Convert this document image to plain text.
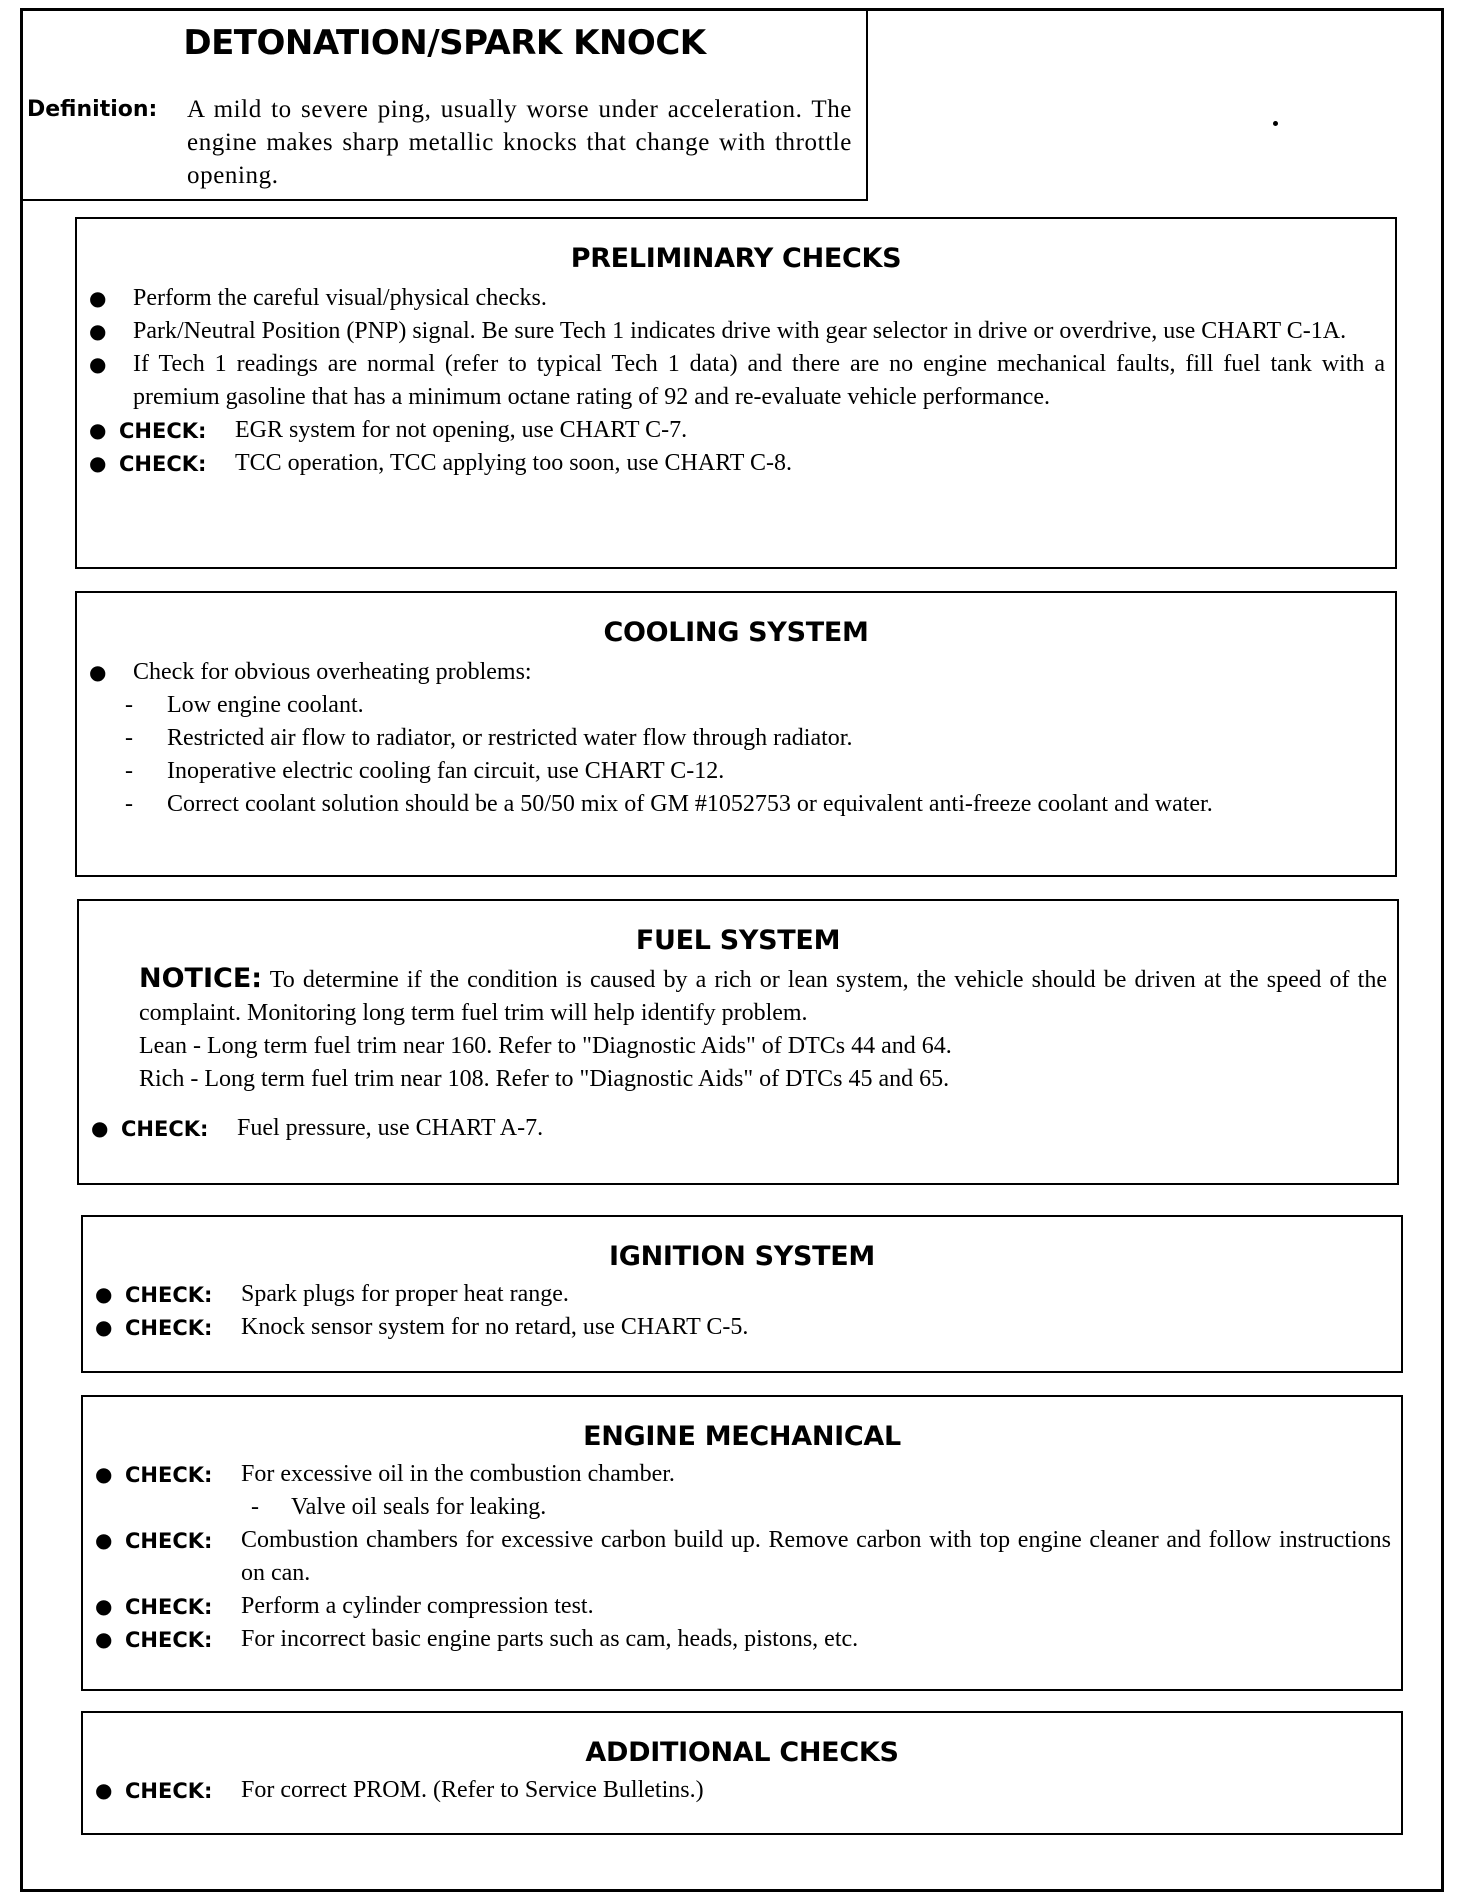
DETONATION/SPARK KNOCK
Definition: A mild to severe ping, usually worse under acceleration. The engine makes sharp metallic knocks that change with throttle opening.
PRELIMINARY CHECKS
● Perform the careful visual/physical checks.
● Park/Neutral Position (PNP) signal. Be sure Tech 1 indicates drive with gear selector in drive or overdrive, use CHART C-1A.
● If Tech 1 readings are normal (refer to typical Tech 1 data) and there are no engine mechanical faults, fill fuel tank with a premium gasoline that has a minimum octane rating of 92 and re-evaluate vehicle performance.
● CHECK: EGR system for not opening, use CHART C-7.
● CHECK: TCC operation, TCC applying too soon, use CHART C-8.
COOLING SYSTEM
● Check for obvious overheating problems:
- Low engine coolant.
- Restricted air flow to radiator, or restricted water flow through radiator.
- Inoperative electric cooling fan circuit, use CHART C-12.
- Correct coolant solution should be a 50/50 mix of GM #1052753 or equivalent anti-freeze coolant and water.
FUEL SYSTEM
NOTICE: To determine if the condition is caused by a rich or lean system, the vehicle should be driven at the speed of the complaint. Monitoring long term fuel trim will help identify problem.
Lean - Long term fuel trim near 160. Refer to "Diagnostic Aids" of DTCs 44 and 64.
Rich - Long term fuel trim near 108. Refer to "Diagnostic Aids" of DTCs 45 and 65.
● CHECK: Fuel pressure, use CHART A-7.
IGNITION SYSTEM
● CHECK: Spark plugs for proper heat range.
● CHECK: Knock sensor system for no retard, use CHART C-5.
ENGINE MECHANICAL
● CHECK: For excessive oil in the combustion chamber.
- Valve oil seals for leaking.
● CHECK: Combustion chambers for excessive carbon build up. Remove carbon with top engine cleaner and follow instructions on can.
● CHECK: Perform a cylinder compression test.
● CHECK: For incorrect basic engine parts such as cam, heads, pistons, etc.
ADDITIONAL CHECKS
● CHECK: For correct PROM. (Refer to Service Bulletins.)
